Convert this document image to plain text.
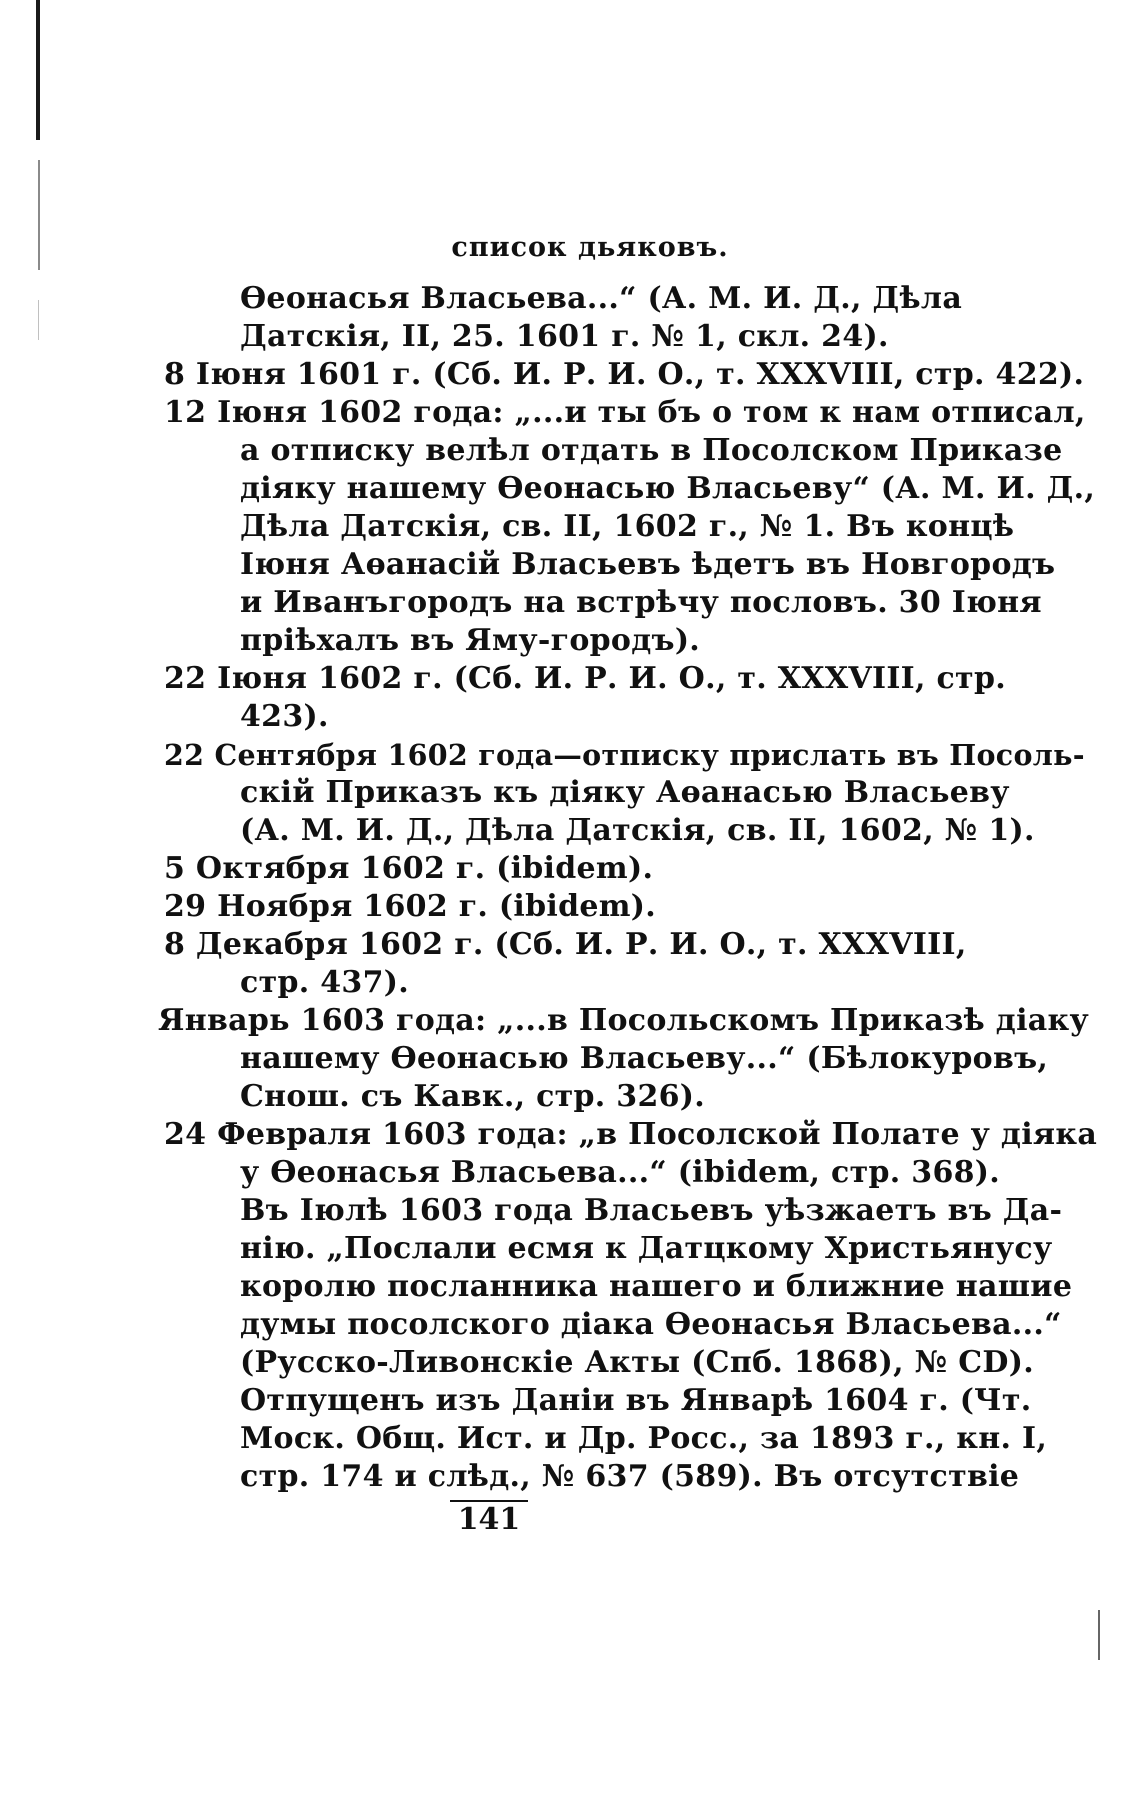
список дьяковъ.
Өеонасья Власьева...“ (А. М. И. Д., Дѣла
Датскія, II, 25. 1601 г. № 1, скл. 24).
8 Іюня 1601 г. (Сб. И. Р. И. О., т. XXXVIII, стр. 422).
12 Іюня 1602 года: „...и ты бъ о том к нам отписал,
а отписку велѣл отдать в Посолском Приказе
діяку нашему Өеонасью Власьеву“ (А. М. И. Д.,
Дѣла Датскія, св. II, 1602 г., № 1. Въ концѣ
Іюня Аөанасій Власьевъ ѣдетъ въ Новгородъ
и Иванъгородъ на встрѣчу пословъ. 30 Іюня
пріѣхалъ въ Яму-городъ).
22 Іюня 1602 г. (Сб. И. Р. И. О., т. XXXVIII, стр.
423).
22 Сентября 1602 года—отписку прислать въ Посоль-
скій Приказъ къ діяку Аөанасью Власьеву
(А. М. И. Д., Дѣла Датскія, св. II, 1602, № 1).
5 Октября 1602 г. (ibidem).
29 Ноября 1602 г. (ibidem).
8 Декабря 1602 г. (Сб. И. Р. И. О., т. XXXVIII,
стр. 437).
Январь 1603 года: „...в Посольскомъ Приказѣ діаку
нашему Өеонасью Власьеву...“ (Бѣлокуровъ,
Снош. съ Кавк., стр. 326).
24 Февраля 1603 года: „в Посолской Полате у діяка
у Өеонасья Власьева...“ (ibidem, стр. 368).
Въ Іюлѣ 1603 года Власьевъ уѣзжаетъ въ Да-
нію. „Послали есмя к Датцкому Христьянусу
королю посланника нашего и ближние нашие
думы посолского діака Өеонасья Власьева...“
(Русско-Ливонскіе Акты (Спб. 1868), № CD).
Отпущенъ изъ Даніи въ Январѣ 1604 г. (Чт.
Моск. Общ. Ист. и Др. Росс., за 1893 г., кн. I,
стр. 174 и слѣд., № 637 (589). Въ отсутствіе
141
